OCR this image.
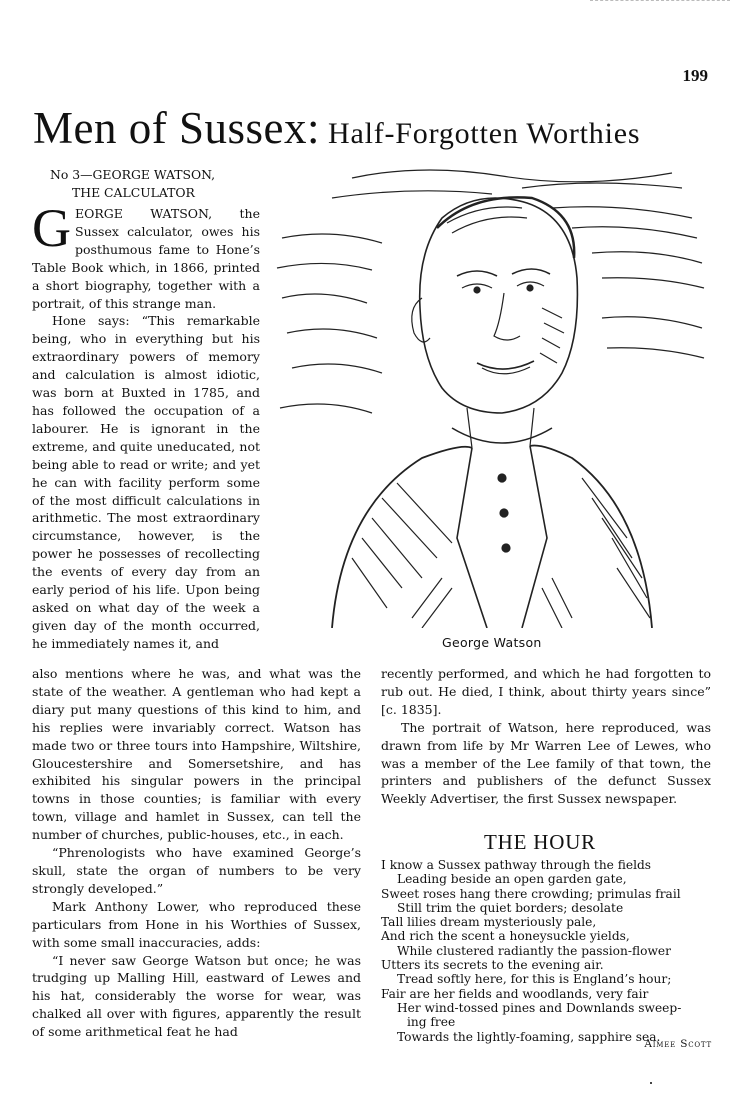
199
Men of Sussex: Half-Forgotten Worthies
No 3—GEORGE WATSON,
THE CALCULATOR

GEORGE WATSON, the Sussex calculator, owes his posthumous fame to Hone’s Table Book which, in 1866, printed a short biography, together with a portrait, of this strange man.

Hone says: “This remarkable being, who in everything but his extraordinary powers of memory and calculation is almost idiotic, was born at Buxted in 1785, and has followed the occupation of a labourer. He is ignorant in the extreme, and quite uneducated, not being able to read or write; and yet he can with facility perform some of the most difficult calculations in arithmetic. The most extraordinary circumstance, however, is the power he possesses of recollecting the events of every day from an early period of his life. Upon being asked on what day of the week a given day of the month occurred, he immediately names it, and

also mentions where he was, and what was the state of the weather. A gentleman who had kept a diary put many questions of this kind to him, and his replies were invariably correct. Watson has made two or three tours into Hampshire, Wiltshire, Gloucestershire and Somersetshire, and has exhibited his singular powers in the principal towns in those counties; is familiar with every town, village and hamlet in Sussex, can tell the number of churches, public-houses, etc., in each.

“Phrenologists who have examined George’s skull, state the organ of numbers to be very strongly developed.”

Mark Anthony Lower, who reproduced these particulars from Hone in his Worthies of Sussex, with some small inaccuracies, adds:

“I never saw George Watson but once; he was trudging up Malling Hill, eastward of Lewes and his hat, considerably the worse for wear, was chalked all over with figures, apparently the result of some arithmetical feat he had

George Watson

recently performed, and which he had forgotten to rub out. He died, I think, about thirty years since” [c. 1835].

The portrait of Watson, here reproduced, was drawn from life by Mr Warren Lee of Lewes, who was a member of the Lee family of that town, the printers and publishers of the defunct Sussex Weekly Advertiser, the first Sussex newspaper.

THE HOUR
I know a Sussex pathway through the fields
Leading beside an open garden gate,
Sweet roses hang there crowding; primulas frail
Still trim the quiet borders; desolate
Tall lilies dream mysteriously pale,
And rich the scent a honeysuckle yields,
While clustered radiantly the passion-flower
Utters its secrets to the evening air.
Tread softly here, for this is England’s hour;
Fair are her fields and woodlands, very fair
Her wind-tossed pines and Downlands sweep-
ing free
Towards the lightly-foaming, sapphire sea.
Aimee Scott
